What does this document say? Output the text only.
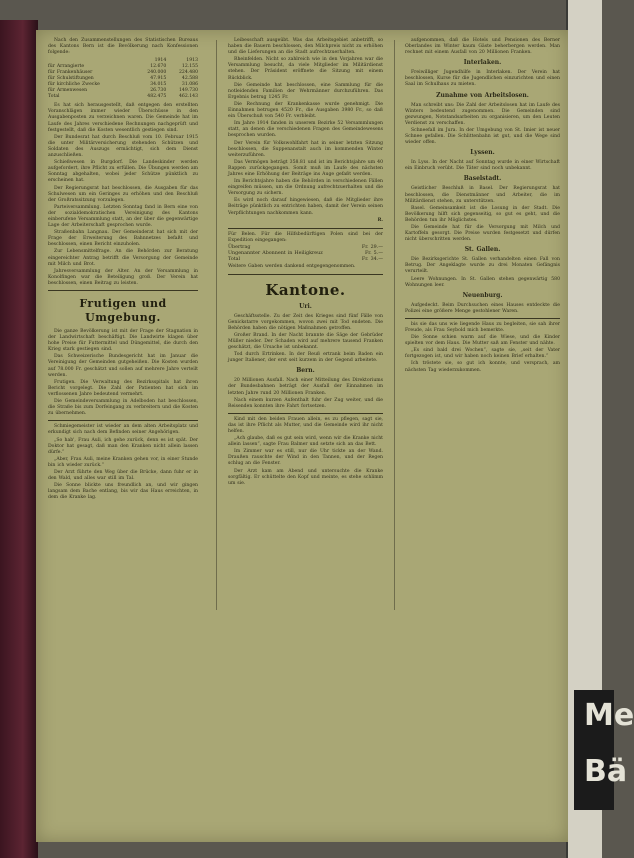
Me
Bä

Nach den Zusammenstellungen des Statistischen Bureaus des Kantons Bern ist die Bevölkerung nach Konfessionen folgende:

	1914	1913
für Arrangierte	12.670	12.155
für Frankenhäuser	240.000	224.480
für Schulstiftungen	47.915	42.588
für kirchliche Zwecke	34.015	31.086
für Armenwesen	26.730	149.730
Total	482.475	462.143

Es hat sich herausgestellt, daß entgegen den erstellten Voranschlägen immer wieder Überschüsse in den Ausgabenposten zu verzeichnen waren. Die Gemeinde hat im Laufe des Jahres verschiedene Rechnungen nachgeprüft und festgestellt, daß die Kosten wesentlich gestiegen sind.

Der Bundesrat hat durch Beschluß vom 10. Februar 1915 die unter Militärversicherung stehenden Schützen und Soldaten des Auszugs ermächtigt, sich dem Dienst anzuschließen.

Schießwesen in Burgdorf. Die Landeskinder werden aufgefordert, ihre Pflicht zu erfüllen. Die Übungen werden am Sonntag abgehalten, wobei jeder Schütze pünktlich zu erscheinen hat.

Der Regierungsrat hat beschlossen, die Ausgaben für das Schulwesen um ein Geringes zu erhöhen und den Beschluß der Großratssitzung vorzulegen.

Parteiversammlung. Letzten Sonntag fand in Bern eine von der sozialdemokratischen Vereinigung des Kantons einberufene Versammlung statt, an der über die gegenwärtige Lage der Arbeiterschaft gesprochen wurde.

Straßenbahn Langnau. Der Gemeinderat hat sich mit der Frage der Erweiterung des Bahnnetzes befaßt und beschlossen, einen Bericht einzuholen.

Zur Lebensmittelfrage. An die Behörden zur Beratung eingereichter Antrag betrifft die Versorgung der Gemeinde mit Milch und Brot.

Jahresversammlung der Alter. An der Versammlung in Konolfingen war die Beteiligung groß. Der Verein hat beschlossen, einen Beitrag zu leisten.

Frutigen und Umgebung.

Die ganze Bevölkerung ist mit der Frage der Stagnation in der Landwirtschaft beschäftigt. Die Landwirte klagen über hohe Preise für Futtermittel und Düngemittel, die durch den Krieg stark gestiegen sind.

Das Schweizerische Bundesgericht hat im Januar die Vereinigung der Gemeinden gutgeheißen. Die Kosten wurden auf 78.000 Fr. geschätzt und sollen auf mehrere Jahre verteilt werden.

Frutigen. Die Verwaltung des Bezirksspitals hat ihren Bericht vorgelegt. Die Zahl der Patienten hat sich im verflossenen Jahre bedeutend vermehrt.

Die Gemeindeversammlung in Adelboden hat beschlossen, die Straße bis zum Dorfeingang zu verbreitern und die Kosten zu übernehmen.

Schmiegemeister ist wieder an dem alten Arbeitsplatz und erkundigt sich nach dem Befinden seiner Angehörigen.

„So hab', Frau Auli, ich gehe zurück, denn es ist spät. Der Doktor hat gesagt, daß man den Kranken nicht allein lassen dürfe.“

„Aber, Frau Auli, meine Kranken gehen vor, in einer Stunde bin ich wieder zurück.“

Der Arzt führte den Weg über die Brücke, dann fuhr er in den Wald, und alles war still im Tal.

Die Sonne blickte uns freundlich an, und wir gingen langsam dem Bache entlang, bis wir das Haus erreichten, in dem die Kranke lag.

Leibesschaft ausgeübt. Was das Arbeitsgebiet anbetrifft, so haben die Bauern beschlossen, den Milchpreis nicht zu erhöhen und die Lieferungen an die Stadt aufrechtzuerhalten.

Rheinfelden. Nicht so zahlreich wie in den Vorjahren war die Versammlung besucht, da viele Mitglieder im Militärdienst stehen. Der Präsident eröffnete die Sitzung mit einem Rückblick.

Die Gemeinde hat beschlossen, eine Sammlung für die notleidenden Familien der Wehrmänner durchzuführen. Das Ergebnis betrug 1245 Fr.

Die Rechnung der Krankenkasse wurde genehmigt. Die Einnahmen betrugen 4520 Fr., die Ausgaben 3980 Fr., so daß ein Überschuß von 540 Fr. verbleibt.

Im Jahre 1914 fanden in unserem Bezirke 52 Versammlungen statt, an denen die verschiedenen Fragen des Gemeindewesens besprochen wurden.

Der Verein für Volkswohlfahrt hat in seiner letzten Sitzung beschlossen, die Suppenanstalt auch im kommenden Winter weiterzuführen.

Das Vermögen beträgt 358.81 und ist im Berichtsjahre um 40 Rappen zurückgegangen. Somit muß im Laufe des nächsten Jahres eine Erhöhung der Beiträge ins Auge gefaßt werden.

Im Berichtsjahre haben die Behörden in verschiedenen Fällen eingreifen müssen, um die Ordnung aufrechtzuerhalten und die Versorgung zu sichern.

Es wird noch darauf hingewiesen, daß die Mitglieder ihre Beiträge pünktlich zu entrichten haben, damit der Verein seinen Verpflichtungen nachkommen kann.

R.

Für Belen. Für die Hilfsbedürftigen Polen sind bei der Expedition eingegangen:

Übertrag	Fr. 29.—
Ungenannter Abonnent in Heiligkreuz	Fr. 5.—
Total	Fr. 34.—

Weitere Gaben werden dankend entgegengenommen.

Kantone.
Uri.

Geschäftsstelle. Zu der Zeit des Krieges sind fünf Fälle von Genickstarre vorgekommen, wovon zwei mit Tod endeten. Die Behörden haben die nötigen Maßnahmen getroffen.

Großer Brand. In der Nacht brannte die Säge der Gebrüder Müller nieder. Der Schaden wird auf mehrere tausend Franken geschätzt, die Ursache ist unbekannt.

Tod durch Ertrinken. In der Reuß ertrank beim Baden ein junger Italiener, der erst seit kurzem in der Gegend arbeitete.

Bern.

20 Millionen Ausfall. Nach einer Mitteilung des Direktoriums der Bundesbahnen beträgt der Ausfall der Einnahmen im letzten Jahre rund 20 Millionen Franken.

Nach einem kurzen Aufenthalt fuhr der Zug weiter, und die Reisenden konnten ihre Fahrt fortsetzen.

Kind mit den beiden Frauen allein, es zu pflegen, sagt sie, das ist ihre Pflicht als Mutter, und die Gemeinde wird ihr nicht helfen.

„Ach glaube, daß es gut sein wird, wenn wir die Kranke nicht allein lassen“, sagte Frau Balmer und setzte sich an das Bett.

Im Zimmer war es still, nur die Uhr tickte an der Wand. Draußen rauschte der Wind in den Tannen, und der Regen schlug an die Fenster.

Der Arzt kam am Abend und untersuchte die Kranke sorgfältig. Er schüttelte den Kopf und meinte, es stehe schlimm um sie.

aufgenommen, daß die Hotels und Pensionen des Berner Oberlandes im Winter kaum Gäste beherbergen werden. Man rechnet mit einem Ausfall von 20 Millionen Franken.

Interlaken.

Freiwilliger Jugendhilfe in Interlaken. Der Verein hat beschlossen, Kurse für die Jugendlichen einzurichten und einen Saal im Schulhaus zu mieten.

Zunahme von Arbeitslosen.

Man schreibt uns: Die Zahl der Arbeitslosen hat im Laufe des Winters bedeutend zugenommen. Die Gemeinden sind gezwungen, Notstandsarbeiten zu organisieren, um den Leuten Verdienst zu verschaffen.

Schneefall im Jura. In der Umgebung von St. Imier ist neuer Schnee gefallen. Die Schlittenbahn ist gut, und die Wege sind wieder offen.

Lyssen.

In Lyss. In der Nacht auf Sonntag wurde in einer Wirtschaft ein Einbruch verübt. Die Täter sind noch unbekannt.

Baselstadt.

Geistlicher Beschluß in Basel. Der Regierungsrat hat beschlossen, die Dienstmänner und Arbeiter, die im Militärdienst stehen, zu unterstützen.

Basel. Gemeinsamkeit ist die Losung in der Stadt. Die Bevölkerung hilft sich gegenseitig, so gut es geht, und die Behörden tun ihr Möglichstes.

Die Gemeinde hat für die Versorgung mit Milch und Kartoffeln gesorgt. Die Preise wurden festgesetzt und dürfen nicht überschritten werden.

St. Gallen.

Die Bezirksgerichte St. Gallen verhandelten einen Fall von Betrug. Der Angeklagte wurde zu drei Monaten Gefängnis verurteilt.

Leere Wohnungen. In St. Gallen stehen gegenwärtig 580 Wohnungen leer.

Neuenburg.

Aufgedeckt. Beim Durchsuchen eines Hauses entdeckte die Polizei eine größere Menge gestohlener Waren.

bis sie das uns wie liegende Haus zu begleiten, sie sah ihrer Freude, als Frau Seybold mich bemerkte.

Die Sonne schien warm auf die Wiese, und die Kinder spielten vor dem Haus. Die Mutter saß am Fenster und nähte.

„Es sind bald drei Wochen“, sagte sie, „seit der Vater fortgezogen ist, und wir haben noch keinen Brief erhalten.“

Ich tröstete sie, so gut ich konnte, und versprach, am nächsten Tag wiederzukommen.
